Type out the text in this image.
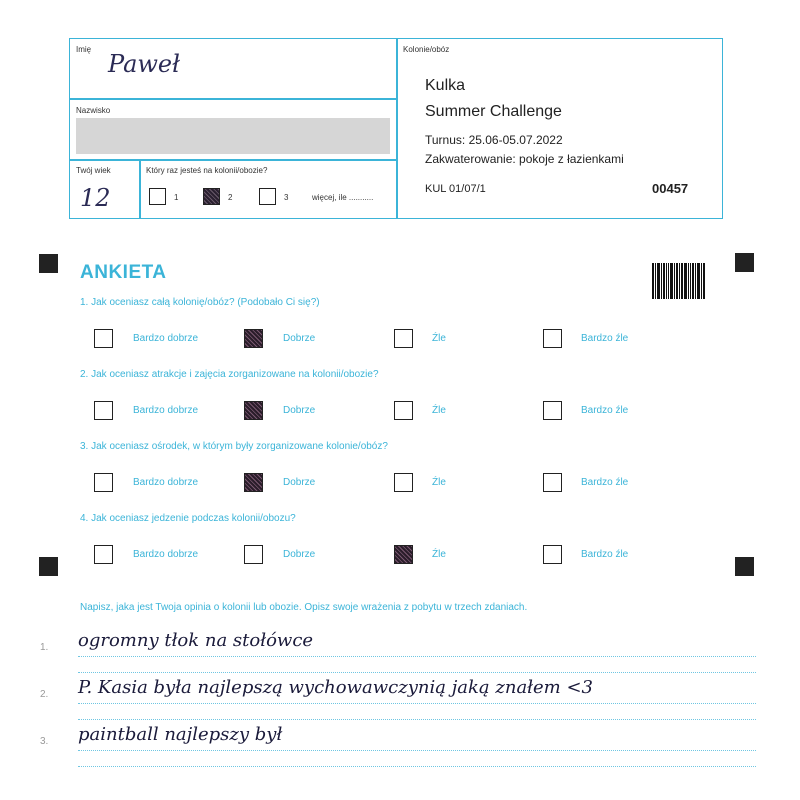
Imię
Paweł
Nazwisko
Twój wiek
12
Który raz jesteś na kolonii/obozie?
1	2	3	więcej, ile ...........
Kolonie/obóz
Kulka
Summer Challenge
Turnus: 25.06-05.07.2022
Zakwaterowanie: pokoje z łazienkami
KUL 01/07/1	00457
ANKIETA
1. Jak oceniasz całą kolonię/obóz? (Podobało Ci się?)
Bardzo dobrze	Dobrze	Źle	Bardzo źle
2. Jak oceniasz atrakcje i zajęcia zorganizowane na kolonii/obozie?
Bardzo dobrze	Dobrze	Źle	Bardzo źle
3. Jak oceniasz ośrodek, w którym były zorganizowane kolonie/obóz?
Bardzo dobrze	Dobrze	Źle	Bardzo źle
4. Jak oceniasz jedzenie podczas kolonii/obozu?
Bardzo dobrze	Dobrze	Źle	Bardzo źle

Napisz, jaka jest Twoja opinia o kolonii lub obozie. Opisz swoje wrażenia z pobytu w trzech zdaniach.

1. ogromny tłok na stołówce
2. P. Kasia była najlepszą wychowawczynią jaką znałem <3
3. paintball najlepszy był
